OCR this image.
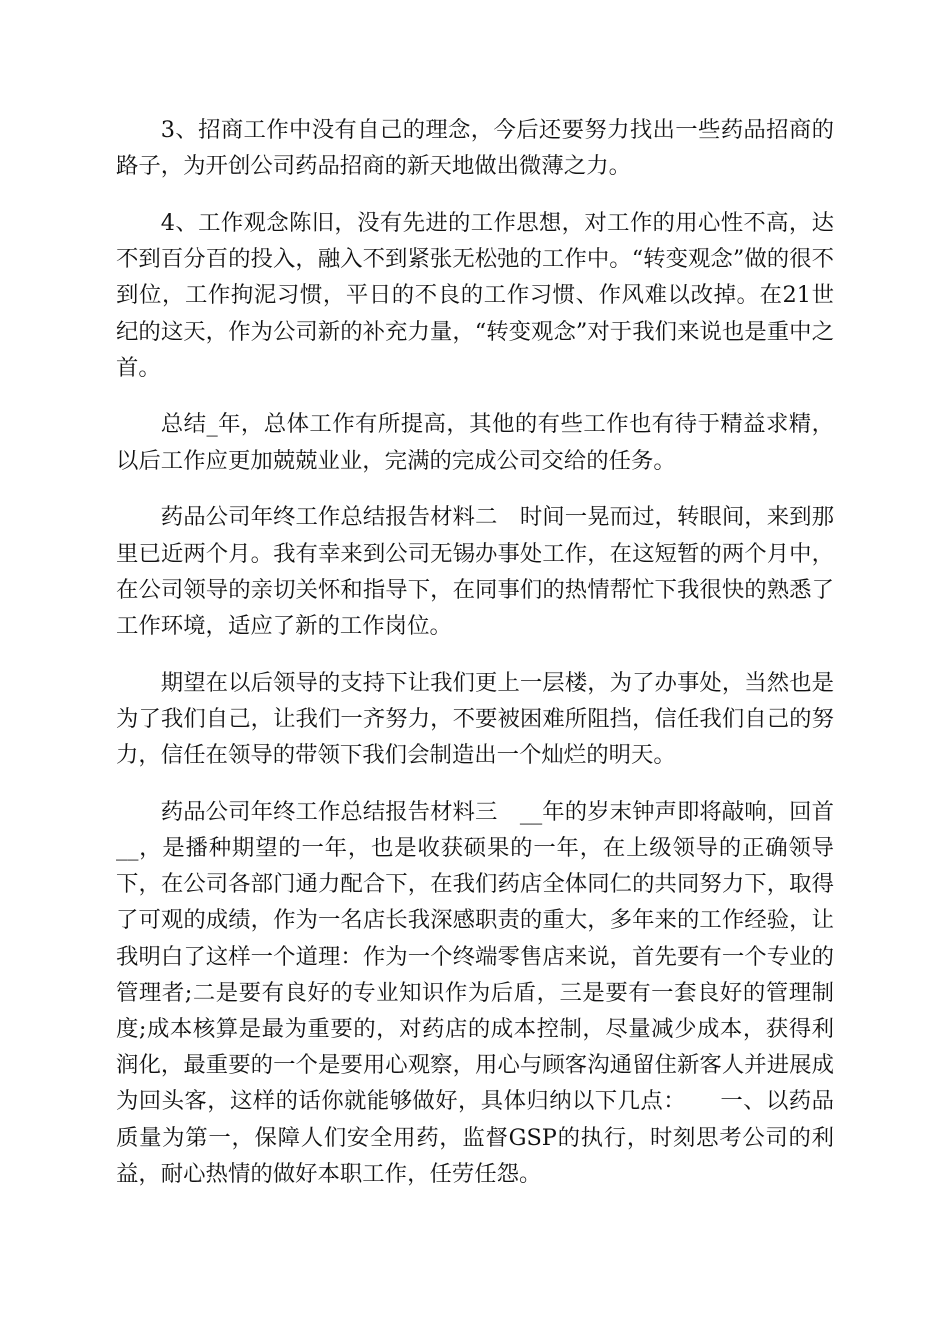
3、招商工作中没有自己的理念，今后还要努力找出一些药品招商的路子，为开创公司药品招商的新天地做出微薄之力。

4、工作观念陈旧，没有先进的工作思想，对工作的用心性不高，达不到百分百的投入，融入不到紧张无松弛的工作中。“转变观念”做的很不到位，工作拘泥习惯，平日的不良的工作习惯、作风难以改掉。在21世纪的这天，作为公司新的补充力量，“转变观念”对于我们来说也是重中之首。

总结_年，总体工作有所提高，其他的有些工作也有待于精益求精，以后工作应更加兢兢业业，完满的完成公司交给的任务。

药品公司年终工作总结报告材料二　时间一晃而过，转眼间，来到那里已近两个月。我有幸来到公司无锡办事处工作，在这短暂的两个月中，在公司领导的亲切关怀和指导下，在同事们的热情帮忙下我很快的熟悉了工作环境，适应了新的工作岗位。

期望在以后领导的支持下让我们更上一层楼，为了办事处，当然也是为了我们自己，让我们一齐努力，不要被困难所阻挡，信任我们自己的努力，信任在领导的带领下我们会制造出一个灿烂的明天。

药品公司年终工作总结报告材料三　__年的岁末钟声即将敲响，回首__，是播种期望的一年，也是收获硕果的一年，在上级领导的正确领导下，在公司各部门通力配合下，在我们药店全体同仁的共同努力下，取得了可观的成绩，作为一名店长我深感职责的重大，多年来的工作经验，让我明白了这样一个道理：作为一个终端零售店来说，首先要有一个专业的管理者;二是要有良好的专业知识作为后盾，三是要有一套良好的管理制度;成本核算是最为重要的，对药店的成本控制，尽量减少成本，获得利润化，最重要的一个是要用心观察，用心与顾客沟通留住新客人并进展成为回头客，这样的话你就能够做好，具体归纳以下几点：　　一、以药品质量为第一，保障人们安全用药，监督GSP的执行，时刻思考公司的利益，耐心热情的做好本职工作，任劳任怨。
